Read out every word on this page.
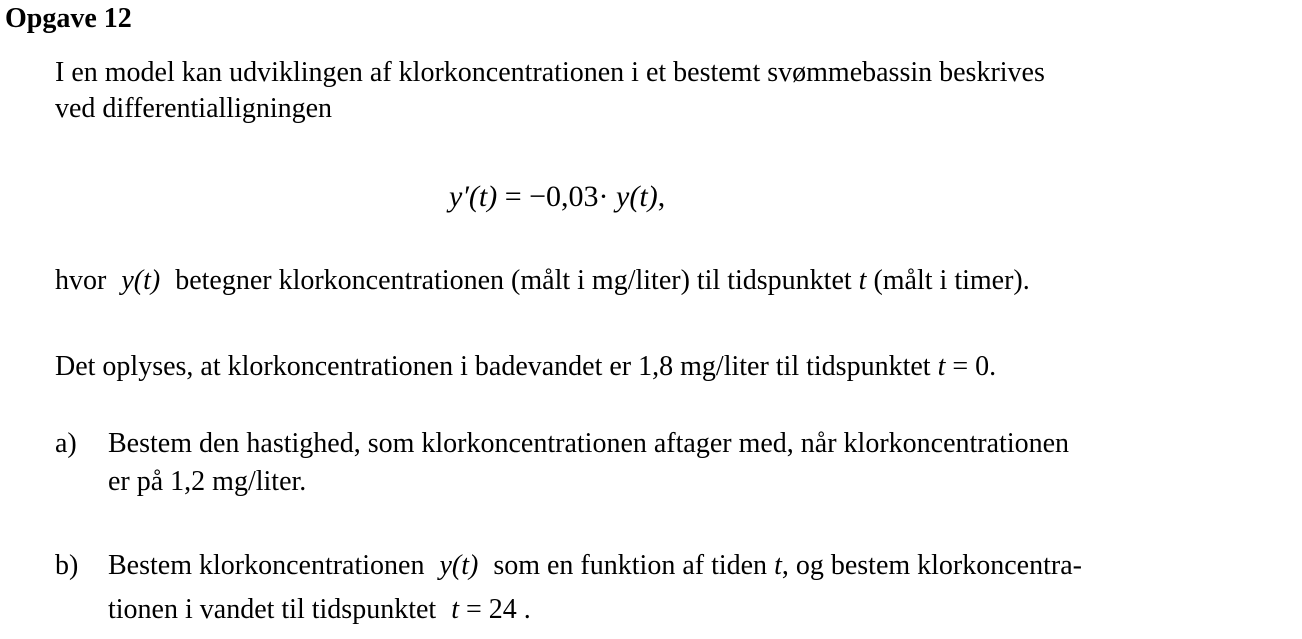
Opgave 12
I en model kan udviklingen af klorkoncentrationen i et bestemt svømmebassin beskrives
ved differentialligningen
y′(t) = −0,03· y(t),
hvor y(t) betegner klorkoncentrationen (målt i mg/liter) til tidspunktet t (målt i timer).
Det oplyses, at klorkoncentrationen i badevandet er 1,8 mg/liter til tidspunktet t = 0.
a) Bestem den hastighed, som klorkoncentrationen aftager med, når klorkoncentrationen
er på 1,2 mg/liter.
b) Bestem klorkoncentrationen y(t) som en funktion af tiden t, og bestem klorkoncentra-
tionen i vandet til tidspunktet t = 24 .
